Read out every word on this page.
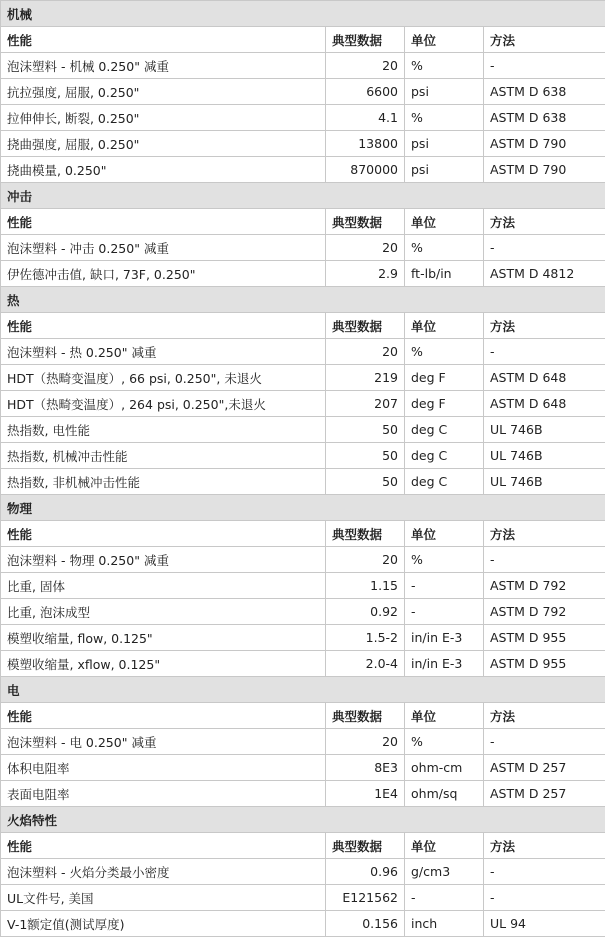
机械			
性能	典型数据	单位	方法
泡沫塑料 - 机械 0.250" 减重	20	%	-
抗拉强度, 屈服, 0.250"	6600	psi	ASTM D 638
拉伸伸长, 断裂, 0.250"	4.1	%	ASTM D 638
挠曲强度, 屈服, 0.250"	13800	psi	ASTM D 790
挠曲模量, 0.250"	870000	psi	ASTM D 790
冲击			
性能	典型数据	单位	方法
泡沫塑料 - 冲击 0.250" 减重	20	%	-
伊佐德冲击值, 缺口, 73F, 0.250"	2.9	ft-lb/in	ASTM D 4812
热			
性能	典型数据	单位	方法
泡沫塑料 - 热 0.250" 减重	20	%	-
HDT（热畸变温度）, 66 psi, 0.250", 未退火	219	deg F	ASTM D 648
HDT（热畸变温度）, 264 psi, 0.250",未退火	207	deg F	ASTM D 648
热指数, 电性能	50	deg C	UL 746B
热指数, 机械冲击性能	50	deg C	UL 746B
热指数, 非机械冲击性能	50	deg C	UL 746B
物理			
性能	典型数据	单位	方法
泡沫塑料 - 物理 0.250" 减重	20	%	-
比重, 固体	1.15	-	ASTM D 792
比重, 泡沫成型	0.92	-	ASTM D 792
模塑收缩量, flow, 0.125"	1.5-2	in/in E-3	ASTM D 955
模塑收缩量, xflow, 0.125"	2.0-4	in/in E-3	ASTM D 955
电			
性能	典型数据	单位	方法
泡沫塑料 - 电 0.250" 减重	20	%	-
体积电阻率	8E3	ohm-cm	ASTM D 257
表面电阻率	1E4	ohm/sq	ASTM D 257
火焰特性			
性能	典型数据	单位	方法
泡沫塑料 - 火焰分类最小密度	0.96	g/cm3	-
UL文件号, 美国	E121562	-	-
V-1额定值(测试厚度)	0.156	inch	UL 94
